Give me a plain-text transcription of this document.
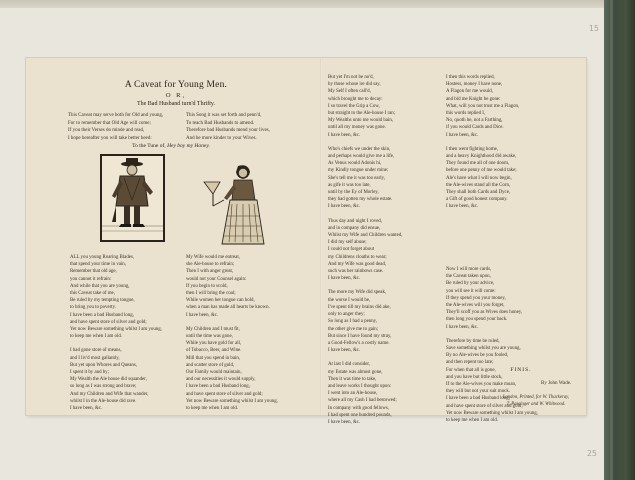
15
25
A Caveat for Young Men.
O R,
The Bad Husband turn'd Thrifty.
This Caveat may serve both for Old and young,
For to remember that Old Age will come;
If you their Verses do minde and read,
I hope hereafter you will take better heed:
This Song it was set forth and penn'd,
To teach Bad Husbands to amend.
Therefore bad Husbands mend your lives,
And be more kinder to your Wives.
To the Tune of, Hey boy my Honey.
ALL you young Roaring Blades,
that spend your time in vain,
Remember that old age,
you cannot it refrain:
And while that you are young,
this Caveat take of me,
Be ruled by my tempting tongue,
to bring you to poverty.
I have been a bad Husband long,
and have spent store of silver and gold;
Yet now Beware something whilst I am young,
to keep me when I am old.
I had gone store of means,
and I liv'd most gallantly,
But yet upon Whores and Queans,
I spent it by and by;
My Wealth the Ale house did squander,
so long as I was strong and brave;
And my Children and Wife that wander,
whilst I in the Ale-house did rave.
I have been, &c.
My Wife would me entreat,
she Ale-house to refrain;
Then I with anger great,
would not your Counsel again:
If you begin to scold,
then I will bring the coal;
While women her tongue can hold,
when a man has made all hearts be known.
I have been, &c.
My Children and I must fit,
until the time was gone,
While you have gold for all,
of Tobacco, Beer, and Wine.
Mill that you spend in bain,
and scatter store of gold,
Our Family would maintain,
and our necessities it would supply,
I have been a bad Husband long,
and have spent store of silver and gold;
Yet now Beware something whilst I am young,
to keep me when I am old.
But yet I'm not be no'd,
by those whose ire did say,
My Self I often call'd,
which brought me to decay:
I so travel the Grip a Cow,
but straight to the Ale-house I ran;
My Wealths unto me would bain,
until all my money was gone.
I have been, &c.
Who's chiefs we under the skin,
and perhaps would give me a life,
As Venus would Adonis hi,
my Kindly tongue under mine;
She's tell me it was too early,
as gife it was too late,
until by the Ey of Morley,
they had gotten my whole estate.
I have been, &c.
Thus day and night I roved,
and in company did ensue,
Whilst my Wife and Children wanted,
I did my self abuse;
I could not forget about
my Childrens cloaths to wear;
And my Wife was good dead,
such was her rainbows case.
I have been, &c.
The more my Wife did speak,
the worse I would be,
I've spent till my brains did ake,
only to anger they;
So long as I had a penny,
the other give me to gain;
But since I have found my stray,
a Good-Fellow's a costly name.
I have been, &c.
At last I did consider,
my Estate was almost gone,
Then it was time to take,
and leave works I thought upon:
I went into an Ale-house,
where all my Cash I had bestowed;
In company with good fellows,
I had spent one hundred pounds,
I have been, &c.
I then this words replied,
Hostess, money I have none,
A Flagon for me would,
and bid me Knight be gone:
What, will you not trust me a Flagon,
this words replied I,
No, quoth he, not a Farthing,
if you would Cards and Dice.
I have been, &c.
I then went fighting home,
and a heavy Knighthood did awake,
They found me all of one doom,
before one penny of me would take;
Ale's have what I will now begin,
the Ale-wives stand all the Corn,
They shall both Cards and Dyce,
a Gift of good honest company.
I have been, &c.
Now I will more cards,
the Caveat taken upon,
Be ruled by your advice,
you will see it will come:
If they spend you your money,
the Ale-wives will you forget,
They'll scoff you as Wives does honey,
then long you spend your back.
I have been, &c.
Therefore by time be ruled,
Save something whilst you are young,
By no Ale-wives be you fooled,
and then repent too late;
For when that all is gone,
and you have but little stock,
If to the Ale-wives you make moan,
they will but not your suit mock.
I have been a bad Husband long,
and have spent store of silver and gold;
Yet now Beware something whilst I am young,
to keep me when I am old.
FINIS.
By John Wade.
London, Printed, for W. Thackeray,
T. Passinger and W. Whitwood.
